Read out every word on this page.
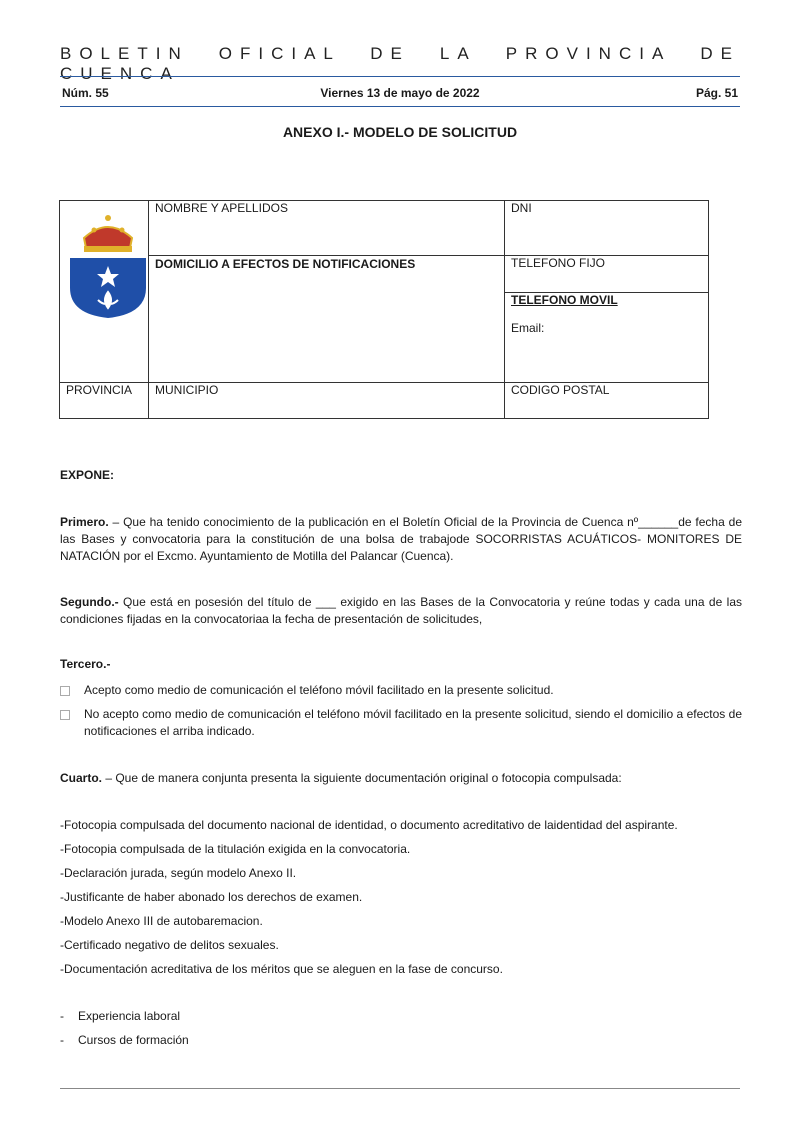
BOLETIN OFICIAL DE LA PROVINCIA DE CUENCA
Núm. 55	Viernes 13 de mayo de 2022	Pág. 51
ANEXO I.- MODELO DE SOLICITUD
	NOMBRE Y APELLIDOS	DNI
	DOMICILIO A EFECTOS DE NOTIFICACIONES	TELEFONO FIJO
TELEFONO MOVIL
Email:

PROVINCIA	MUNICIPIO	CODIGO POSTAL
EXPONE:
Primero. – Que ha tenido conocimiento de la publicación en el Boletín Oficial de la Provincia de Cuenca nº______de fecha de las Bases y convocatoria para la constitución de una bolsa de trabajode SOCORRISTAS ACUÁTICOS- MONITORES DE NATACIÓN por el Excmo. Ayuntamiento de Motilla del Palancar (Cuenca).
Segundo.- Que está en posesión del título de ___ exigido en las Bases de la Convocatoria y reúne todas y cada una de las condiciones fijadas en la convocatoriaa la fecha de presentación de solicitudes,
Tercero.-
Acepto como medio de comunicación el teléfono móvil facilitado en la presente solicitud.
No acepto como medio de comunicación el teléfono móvil facilitado en la presente solicitud, siendo el domicilio a efectos de notificaciones el arriba indicado.
Cuarto. – Que de manera conjunta presenta la siguiente documentación original o fotocopia compulsada:
-Fotocopia compulsada del documento nacional de identidad, o documento acreditativo de laidentidad del aspirante.
-Fotocopia compulsada de la titulación exigida en la convocatoria.
-Declaración jurada, según modelo Anexo II.
-Justificante de haber abonado los derechos de examen.
-Modelo Anexo III de autobaremacion.
-Certificado negativo de delitos sexuales.
-Documentación acreditativa de los méritos que se aleguen en la fase de concurso.
- Experiencia laboral
- Cursos de formación
